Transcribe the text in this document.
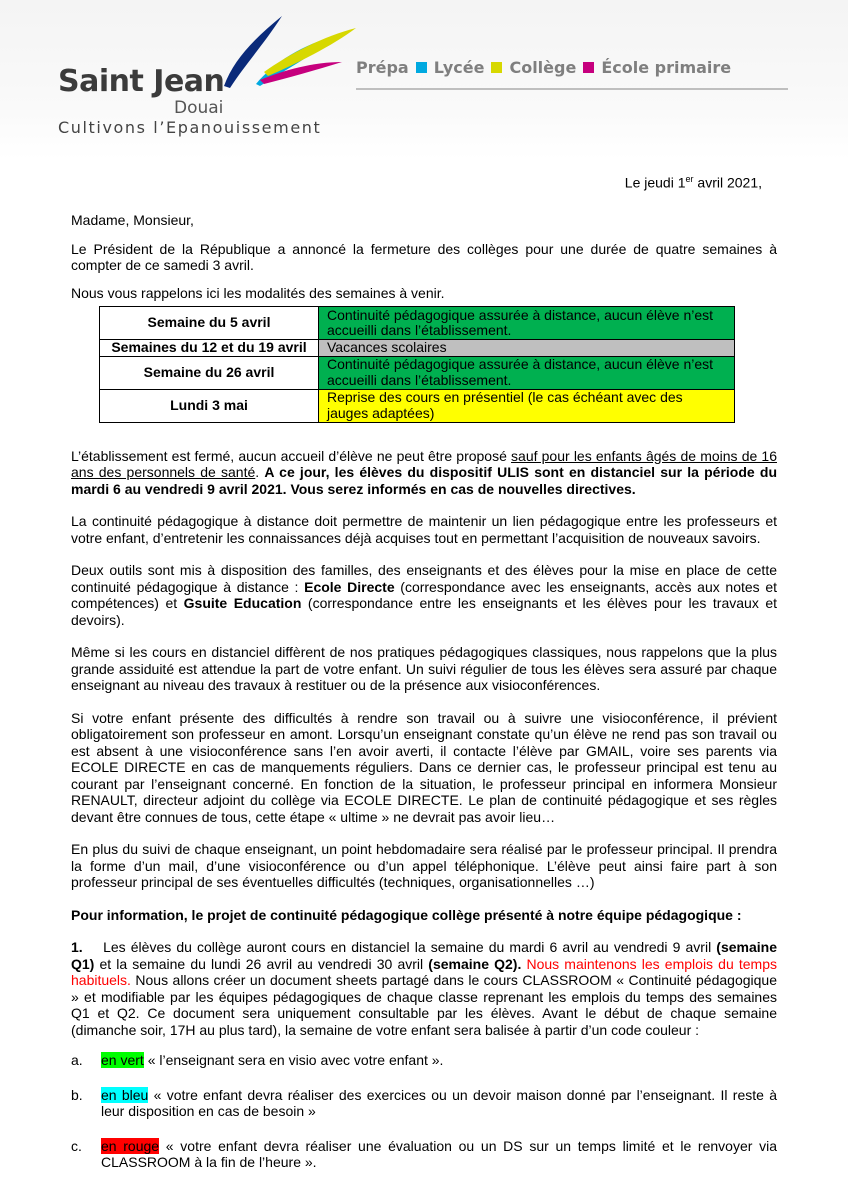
Saint Jean
Douai
Cultivons l’Epanouissement
Prépa Lycée Collège École primaire
Le jeudi 1er avril 2021,

Madame, Monsieur,

Le Président de la République a annoncé la fermeture des collèges pour une durée de quatre semaines à compter de ce samedi 3 avril.

Nous vous rappelons ici les modalités des semaines à venir.

Semaine du 5 avril	Continuité pédagogique assurée à distance, aucun élève n’est accueilli dans l’établissement.
Semaines du 12 et du 19 avril	Vacances scolaires
Semaine du 26 avril	Continuité pédagogique assurée à distance, aucun élève n’est accueilli dans l’établissement.
Lundi 3 mai	Reprise des cours en présentiel (le cas échéant avec des jauges adaptées)

L’établissement est fermé, aucun accueil d’élève ne peut être proposé sauf pour les enfants âgés de moins de 16 ans des personnels de santé. A ce jour, les élèves du dispositif ULIS sont en distanciel sur la période du mardi 6 au vendredi 9 avril 2021. Vous serez informés en cas de nouvelles directives.

La continuité pédagogique à distance doit permettre de maintenir un lien pédagogique entre les professeurs et votre enfant, d’entretenir les connaissances déjà acquises tout en permettant l’acquisition de nouveaux savoirs.

Deux outils sont mis à disposition des familles, des enseignants et des élèves pour la mise en place de cette continuité pédagogique à distance : Ecole Directe (correspondance avec les enseignants, accès aux notes et compétences) et Gsuite Education (correspondance entre les enseignants et les élèves pour les travaux et devoirs).

Même si les cours en distanciel diffèrent de nos pratiques pédagogiques classiques, nous rappelons que la plus grande assiduité est attendue la part de votre enfant. Un suivi régulier de tous les élèves sera assuré par chaque enseignant au niveau des travaux à restituer ou de la présence aux visioconférences.

Si votre enfant présente des difficultés à rendre son travail ou à suivre une visioconférence, il prévient obligatoirement son professeur en amont. Lorsqu’un enseignant constate qu’un élève ne rend pas son travail ou est absent à une visioconférence sans l’en avoir averti, il contacte l’élève par GMAIL, voire ses parents via ECOLE DIRECTE en cas de manquements réguliers. Dans ce dernier cas, le professeur principal est tenu au courant par l’enseignant concerné. En fonction de la situation, le professeur principal en informera Monsieur RENAULT, directeur adjoint du collège via ECOLE DIRECTE. Le plan de continuité pédagogique et ses règles devant être connues de tous, cette étape « ultime » ne devrait pas avoir lieu…

En plus du suivi de chaque enseignant, un point hebdomadaire sera réalisé par le professeur principal. Il prendra la forme d’un mail, d’une visioconférence ou d’un appel téléphonique. L’élève peut ainsi faire part à son professeur principal de ses éventuelles difficultés (techniques, organisationnelles …)

Pour information, le projet de continuité pédagogique collège présenté à notre équipe pédagogique :

1. Les élèves du collège auront cours en distanciel la semaine du mardi 6 avril au vendredi 9 avril (semaine Q1) et la semaine du lundi 26 avril au vendredi 30 avril (semaine Q2). Nous maintenons les emplois du temps habituels. Nous allons créer un document sheets partagé dans le cours CLASSROOM « Continuité pédagogique » et modifiable par les équipes pédagogiques de chaque classe reprenant les emplois du temps des semaines Q1 et Q2. Ce document sera uniquement consultable par les élèves. Avant le début de chaque semaine (dimanche soir, 17H au plus tard), la semaine de votre enfant sera balisée à partir d’un code couleur :

a.	en vert « l’enseignant sera en visio avec votre enfant ».
b.	en bleu « votre enfant devra réaliser des exercices ou un devoir maison donné par l’enseignant. Il reste à leur disposition en cas de besoin »
c.	en rouge « votre enfant devra réaliser une évaluation ou un DS sur un temps limité et le renvoyer via CLASSROOM à la fin de l’heure ».
